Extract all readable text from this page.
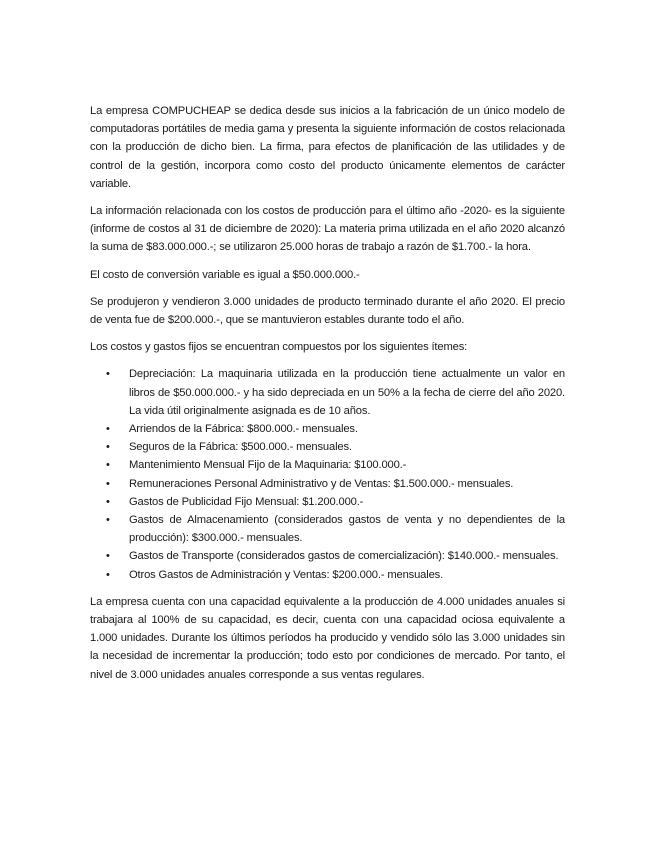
La empresa COMPUCHEAP se dedica desde sus inicios a la fabricación de un único modelo de computadoras portátiles de media gama y presenta la siguiente información de costos relacionada con la producción de dicho bien. La firma, para efectos de planificación de las utilidades y de control de la gestión, incorpora como costo del producto únicamente elementos de carácter variable.

La información relacionada con los costos de producción para el último año -2020- es la siguiente (informe de costos al 31 de diciembre de 2020): La materia prima utilizada en el año 2020 alcanzó la suma de $83.000.000.-; se utilizaron 25.000 horas de trabajo a razón de $1.700.- la hora.

El costo de conversión variable es igual a $50.000.000.-

Se produjeron y vendieron 3.000 unidades de producto terminado durante el año 2020. El precio de venta fue de $200.000.-, que se mantuvieron estables durante todo el año.

Los costos y gastos fijos se encuentran compuestos por los siguientes ítemes:

• Depreciación: La maquinaria utilizada en la producción tiene actualmente un valor en libros de $50.000.000.- y ha sido depreciada en un 50% a la fecha de cierre del año 2020. La vida útil originalmente asignada es de 10 años.
• Arriendos de la Fábrica: $800.000.- mensuales.
• Seguros de la Fábrica: $500.000.- mensuales.
• Mantenimiento Mensual Fijo de la Maquinaria: $100.000.-
• Remuneraciones Personal Administrativo y de Ventas: $1.500.000.- mensuales.
• Gastos de Publicidad Fijo Mensual: $1.200.000.-
• Gastos de Almacenamiento (considerados gastos de venta y no dependientes de la producción): $300.000.- mensuales.
• Gastos de Transporte (considerados gastos de comercialización): $140.000.- mensuales.
• Otros Gastos de Administración y Ventas: $200.000.- mensuales.

La empresa cuenta con una capacidad equivalente a la producción de 4.000 unidades anuales si trabajara al 100% de su capacidad, es decir, cuenta con una capacidad ociosa equivalente a 1.000 unidades. Durante los últimos períodos ha producido y vendido sólo las 3.000 unidades sin la necesidad de incrementar la producción; todo esto por condiciones de mercado. Por tanto, el nivel de 3.000 unidades anuales corresponde a sus ventas regulares.
